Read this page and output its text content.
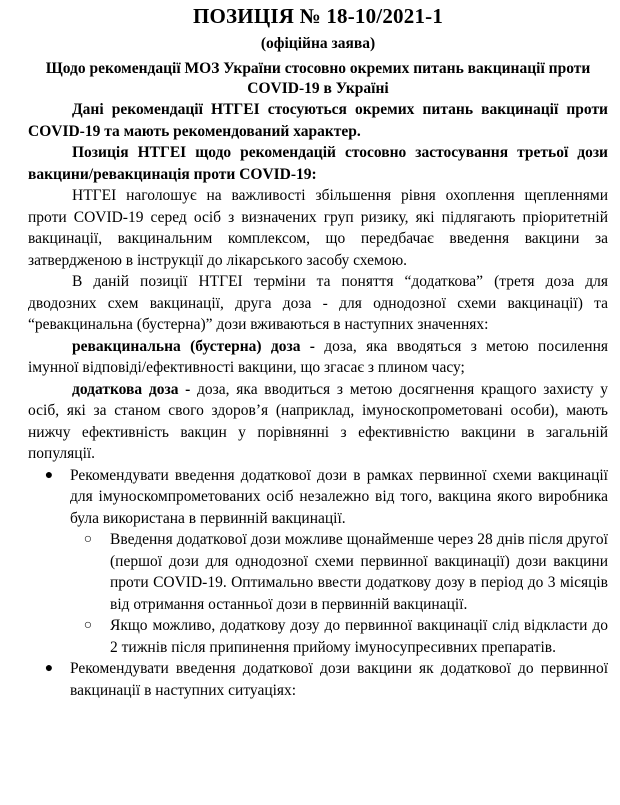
ПОЗИЦІЯ № 18-10/2021-1
(офіційна заява)
Щодо рекомендації МОЗ України стосовно окремих питань вакцинації проти COVID-19 в Україні

Дані рекомендації НТГЕІ стосуються окремих питань вакцинації проти COVID-19 та мають рекомендований характер.

Позиція НТГЕІ щодо рекомендацій стосовно застосування третьої дози вакцини/ревакцинація проти COVID-19:

НТГЕІ наголошує на важливості збільшення рівня охоплення щепленнями проти COVID-19 серед осіб з визначених груп ризику, які підлягають пріоритетній вакцинації, вакцинальним комплексом, що передбачає введення вакцини за затвердженою в інструкції до лікарського засобу схемою.

В даній позиції НТГЕІ терміни та поняття “додаткова” (третя доза для дводозних схем вакцинації, друга доза - для однодозної схеми вакцинації) та “ревакцинальна (бустерна)” дози вживаються в наступних значеннях:

ревакцинальна (бустерна) доза - доза, яка вводяться з метою посилення імунної відповіді/ефективності вакцини, що згасає з плином часу;

додаткова доза - доза, яка вводиться з метою досягнення кращого захисту у осіб, які за станом свого здоров’я (наприклад, імуноскопрометовані особи), мають нижчу ефективність вакцин у порівнянні з ефективністю вакцини в загальній популяції.

●	Рекомендувати введення додаткової дози в рамках первинної схеми вакцинації для імуноскомпрометованих осіб незалежно від того, вакцина якого виробника була використана в первинній вакцинації.
○	Введення додаткової дози можливе щонайменше через 28 днів після другої (першої дози для однодозної схеми первинної вакцинації) дози вакцини проти COVID-19. Оптимально ввести додаткову дозу в період до 3 місяців від отримання останньої дози в первинній вакцинації.
○	Якщо можливо, додаткову дозу до первинної вакцинації слід відкласти до 2 тижнів після припинення прийому імуносупресивних препаратів.
●	Рекомендувати введення додаткової дози вакцини як додаткової до первинної вакцинації в наступних ситуаціях:
